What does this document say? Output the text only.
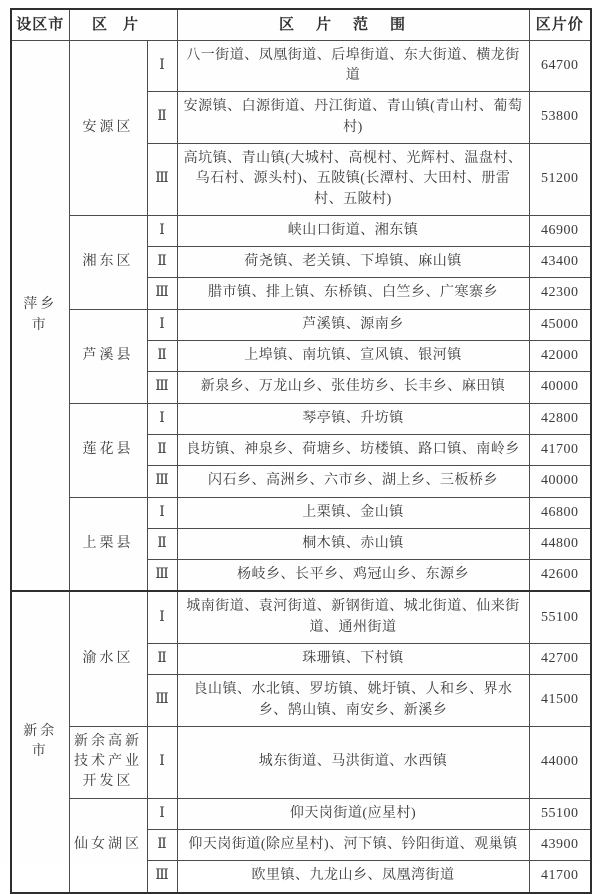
设区市	区片		区片范围	区片价
萍乡市	安源区	Ⅰ	八一街道、凤凰街道、后埠街道、东大街道、横龙街道	64700
		Ⅱ	安源镇、白源街道、丹江街道、青山镇(青山村、葡萄村)	53800
		Ⅲ	高坑镇、青山镇(大城村、高枧村、光辉村、温盘村、乌石村、源头村)、五陂镇(长潭村、大田村、册雷村、五陂村)	51200
	湘东区	Ⅰ	峡山口街道、湘东镇	46900
		Ⅱ	荷尧镇、老关镇、下埠镇、麻山镇	43400
		Ⅲ	腊市镇、排上镇、东桥镇、白竺乡、广寒寨乡	42300
	芦溪县	Ⅰ	芦溪镇、源南乡	45000
		Ⅱ	上埠镇、南坑镇、宣风镇、银河镇	42000
		Ⅲ	新泉乡、万龙山乡、张佳坊乡、长丰乡、麻田镇	40000
	莲花县	Ⅰ	琴亭镇、升坊镇	42800
		Ⅱ	良坊镇、神泉乡、荷塘乡、坊楼镇、路口镇、南岭乡	41700
		Ⅲ	闪石乡、高洲乡、六市乡、湖上乡、三板桥乡	40000
	上栗县	Ⅰ	上栗镇、金山镇	46800
		Ⅱ	桐木镇、赤山镇	44800
		Ⅲ	杨岐乡、长平乡、鸡冠山乡、东源乡	42600
新余市	渝水区	Ⅰ	城南街道、袁河街道、新钢街道、城北街道、仙来街道、通州街道	55100
		Ⅱ	珠珊镇、下村镇	42700
		Ⅲ	良山镇、水北镇、罗坊镇、姚圩镇、人和乡、界水乡、鹄山镇、南安乡、新溪乡	41500
	新余高新技术产业开发区	Ⅰ	城东街道、马洪街道、水西镇	44000
	仙女湖区	Ⅰ	仰天岗街道(应星村)	55100
		Ⅱ	仰天岗街道(除应星村)、河下镇、钤阳街道、观巢镇	43900
		Ⅲ	欧里镇、九龙山乡、凤凰湾街道	41700
